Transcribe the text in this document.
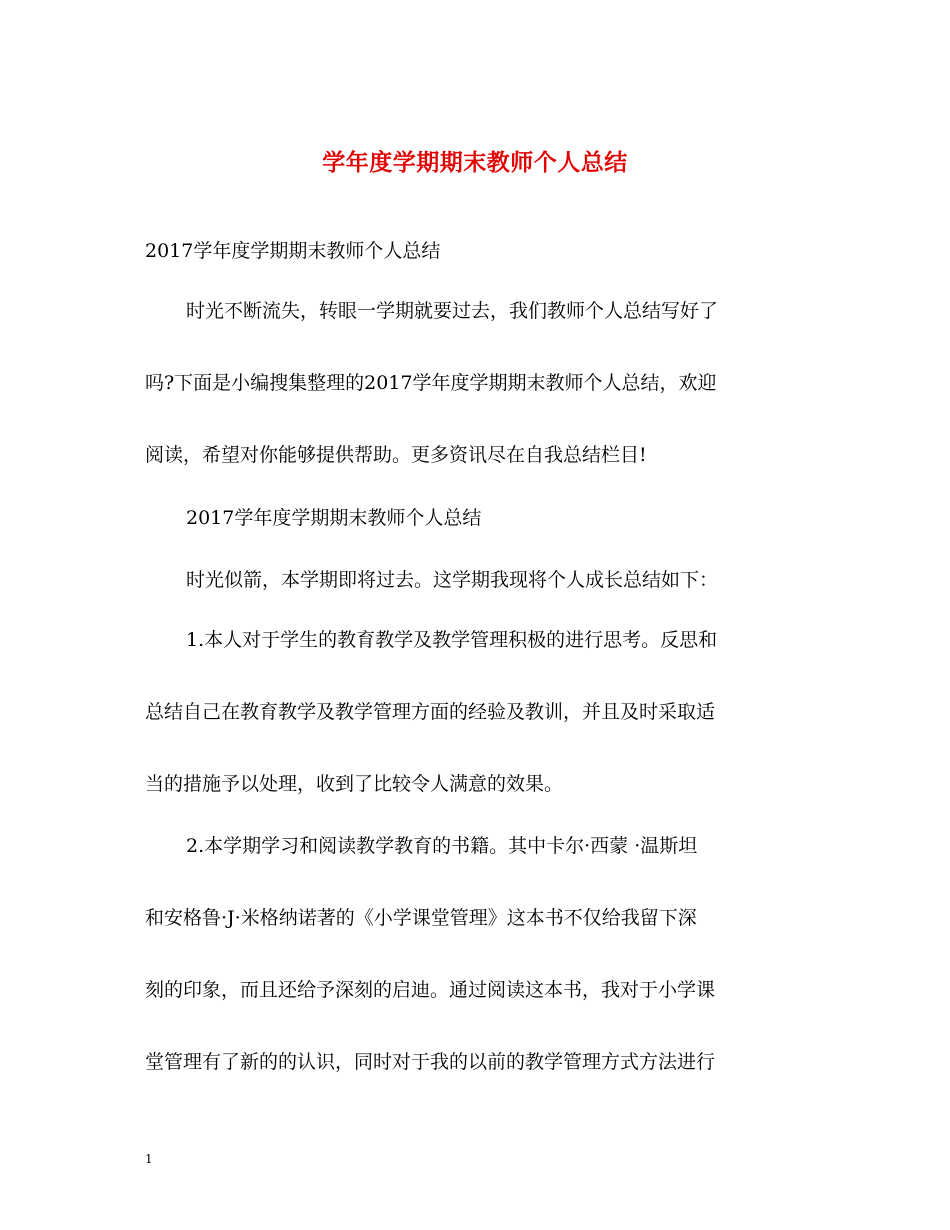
学年度学期期末教师个人总结
2017学年度学期期末教师个人总结
时光不断流失，转眼一学期就要过去，我们教师个人总结写好了
吗?下面是小编搜集整理的2017学年度学期期末教师个人总结，欢迎
阅读，希望对你能够提供帮助。更多资讯尽在自我总结栏目!
2017学年度学期期末教师个人总结
时光似箭，本学期即将过去。这学期我现将个人成长总结如下：
1.本人对于学生的教育教学及教学管理积极的进行思考。反思和
总结自己在教育教学及教学管理方面的经验及教训，并且及时采取适
当的措施予以处理，收到了比较令人满意的效果。
2.本学期学习和阅读教学教育的书籍。其中卡尔·西蒙 ·温斯坦
和安格鲁·J·米格纳诺著的《小学课堂管理》这本书不仅给我留下深
刻的印象，而且还给予深刻的启迪。通过阅读这本书，我对于小学课
堂管理有了新的的认识，同时对于我的以前的教学管理方式方法进行
1
